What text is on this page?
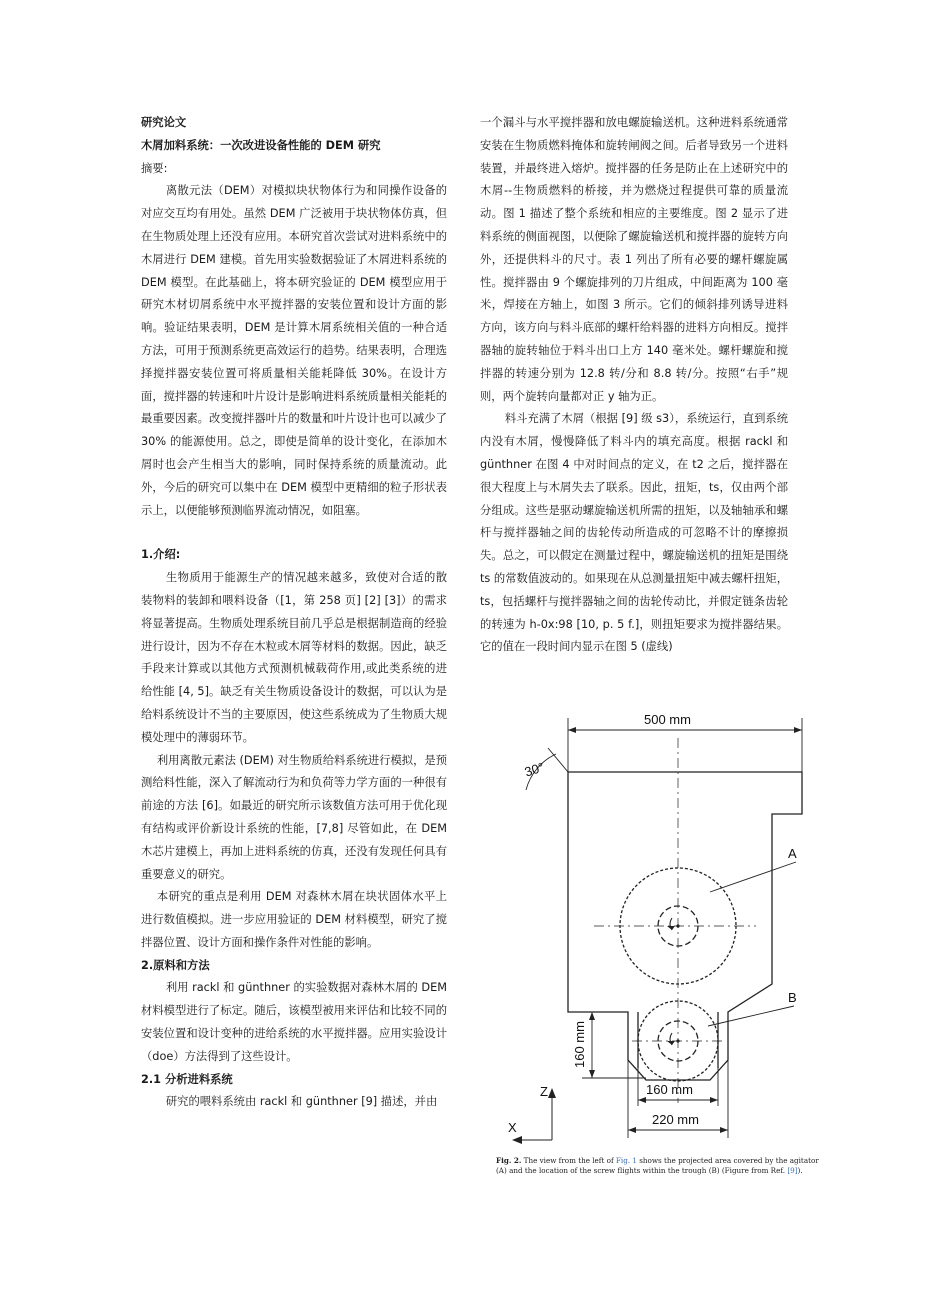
研究论文

木屑加料系统：一次改进设备性能的 DEM 研究

摘要:

离散元法（DEM）对模拟块状物体行为和同操作设备的对应交互均有用处。虽然 DEM 广泛被用于块状物体仿真，但在生物质处理上还没有应用。本研究首次尝试对进料系统中的木屑进行 DEM 建模。首先用实验数据验证了木屑进料系统的 DEM 模型。在此基础上，将本研究验证的 DEM 模型应用于研究木材切屑系统中水平搅拌器的安装位置和设计方面的影响。验证结果表明，DEM 是计算木屑系统相关值的一种合适方法，可用于预测系统更高效运行的趋势。结果表明，合理选择搅拌器安装位置可将质量相关能耗降低 30%。在设计方面，搅拌器的转速和叶片设计是影响进料系统质量相关能耗的最重要因素。改变搅拌器叶片的数量和叶片设计也可以减少了 30% 的能源使用。总之，即使是简单的设计变化，在添加木屑时也会产生相当大的影响，同时保持系统的质量流动。此外，今后的研究可以集中在 DEM 模型中更精细的粒子形状表示上，以便能够预测临界流动情况，如阻塞。

1.介绍:

生物质用于能源生产的情况越来越多，致使对合适的散装物料的装卸和喂料设备（[1，第 258 页] [2] [3]）的需求将显著提高。生物质处理系统目前几乎总是根据制造商的经验进行设计，因为不存在木粒或木屑等材料的数据。因此，缺乏手段来计算或以其他方式预测机械载荷作用,或此类系统的进给性能 [4, 5]。缺乏有关生物质设备设计的数据，可以认为是给料系统设计不当的主要原因，使这些系统成为了生物质大规模处理中的薄弱环节。

利用离散元素法 (DEM) 对生物质给料系统进行模拟，是预测给料性能，深入了解流动行为和负荷等力学方面的一种很有前途的方法 [6]。如最近的研究所示该数值方法可用于优化现有结构或评价新设计系统的性能，[7,8] 尽管如此，在 DEM 木芯片建模上，再加上进料系统的仿真，还没有发现任何具有重要意义的研究。

本研究的重点是利用 DEM 对森林木屑在块状固体水平上进行数值模拟。进一步应用验证的 DEM 材料模型，研究了搅拌器位置、设计方面和操作条件对性能的影响。

2.原料和方法

利用 rackl 和 günthner 的实验数据对森林木屑的 DEM 材料模型进行了标定。随后，该模型被用来评估和比较不同的安装位置和设计变种的进给系统的水平搅拌器。应用实验设计（doe）方法得到了这些设计。

2.1 分析进料系统

研究的喂料系统由 rackl 和 günthner [9] 描述，并由

一个漏斗与水平搅拌器和放电螺旋输送机。这种进料系统通常安装在生物质燃料掩体和旋转闸阀之间。后者导致另一个进料装置，并最终进入熔炉。搅拌器的任务是防止在上述研究中的木屑--生物质燃料的桥接，并为燃烧过程提供可靠的质量流动。图 1 描述了整个系统和相应的主要维度。图 2 显示了进料系统的侧面视图，以便除了螺旋输送机和搅拌器的旋转方向外，还提供料斗的尺寸。表 1 列出了所有必要的螺杆螺旋属性。搅拌器由 9 个螺旋排列的刀片组成，中间距离为 100 毫米，焊接在方轴上，如图 3 所示。它们的倾斜排列诱导进料方向，该方向与料斗底部的螺杆给料器的进料方向相反。搅拌器轴的旋转轴位于料斗出口上方 140 毫米处。螺杆螺旋和搅拌器的转速分别为 12.8 转/分和 8.8 转/分。按照“右手”规则，两个旋转向量都对正 y 轴为正。

料斗充满了木屑（根据 [9] 级 s3），系统运行，直到系统内没有木屑，慢慢降低了料斗内的填充高度。根据 rackl 和 günthner 在图 4 中对时间点的定义，在 t2 之后，搅拌器在很大程度上与木屑失去了联系。因此，扭矩，ts，仅由两个部分组成。这些是驱动螺旋输送机所需的扭矩，以及轴轴承和螺杆与搅拌器轴之间的齿轮传动所造成的可忽略不计的摩擦损失。总之，可以假定在测量过程中，螺旋输送机的扭矩是围绕 ts 的常数值波动的。如果现在从总测量扭矩中减去螺杆扭矩，ts，包括螺杆与搅拌器轴之间的齿轮传动比，并假定链条齿轮的转速为 h-0x:98 [10, p. 5 f.]，则扭矩要求为搅拌器结果。它的值在一段时间内显示在图 5 (虚线)

500 mm
30°
A
B
160 mm
160 mm
220 mm
Z
X
Fig. 2. The view from the left of Fig. 1 shows the projected area covered by the agitator (A) and the location of the screw flights within the trough (B) (Figure from Ref. [9]).
